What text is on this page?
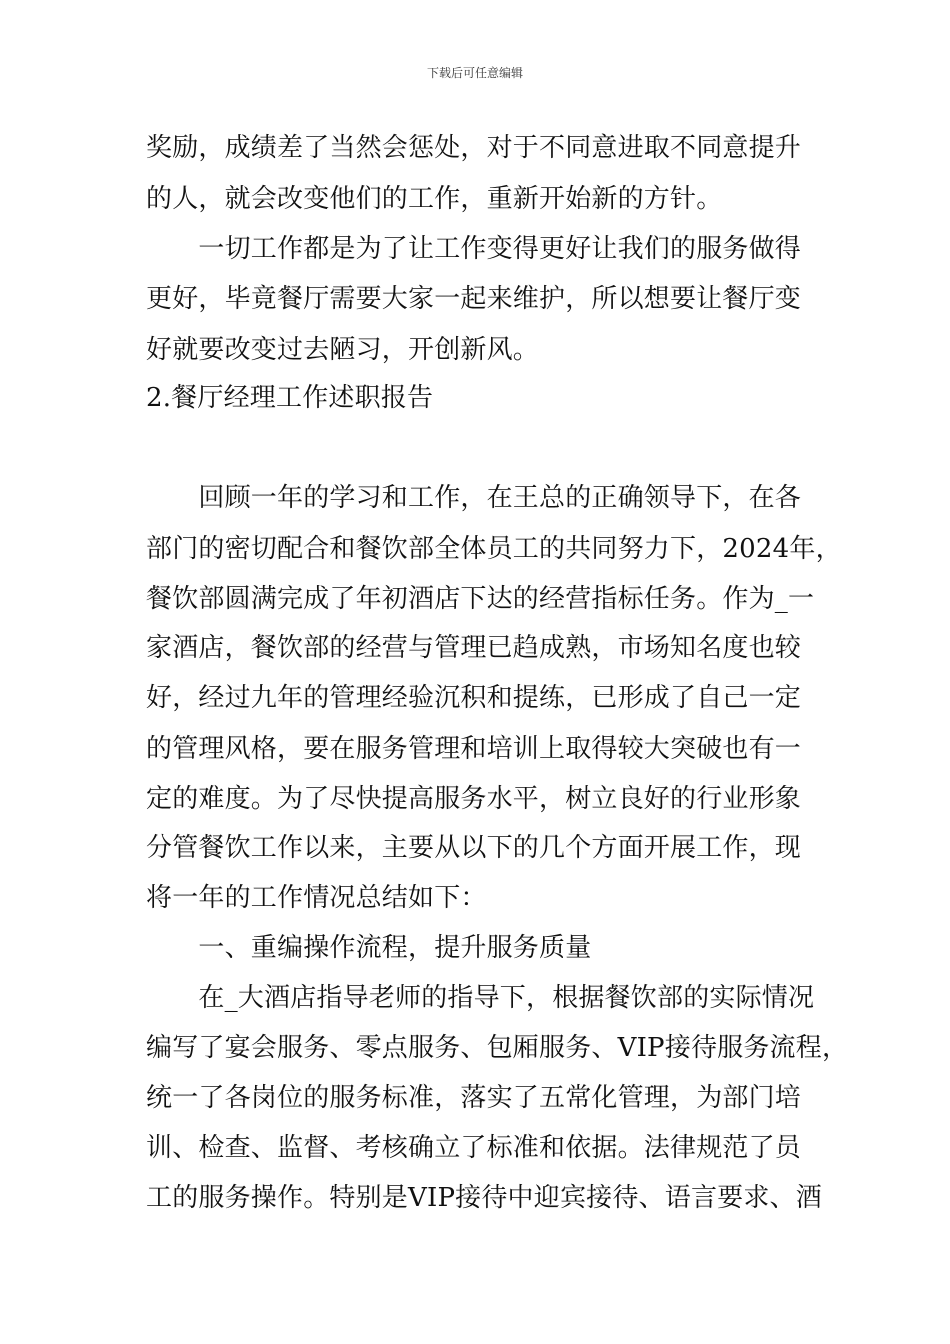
下载后可任意编辑
奖励，成绩差了当然会惩处，对于不同意进取不同意提升
的人，就会改变他们的工作，重新开始新的方针。
　　一切工作都是为了让工作变得更好让我们的服务做得
更好，毕竟餐厅需要大家一起来维护，所以想要让餐厅变
好就要改变过去陋习，开创新风。
2.餐厅经理工作述职报告
　　回顾一年的学习和工作，在王总的正确领导下，在各
部门的密切配合和餐饮部全体员工的共同努力下，2024年，
餐饮部圆满完成了年初酒店下达的经营指标任务。作为_一
家酒店，餐饮部的经营与管理已趋成熟，市场知名度也较
好，经过九年的管理经验沉积和提练，已形成了自己一定
的管理风格，要在服务管理和培训上取得较大突破也有一
定的难度。为了尽快提高服务水平，树立良好的行业形象
分管餐饮工作以来，主要从以下的几个方面开展工作，现
将一年的工作情况总结如下：
　　一、重编操作流程，提升服务质量
　　在_大酒店指导老师的指导下，根据餐饮部的实际情况
编写了宴会服务、零点服务、包厢服务、VIP接待服务流程，
统一了各岗位的服务标准，落实了五常化管理，为部门培
训、检查、监督、考核确立了标准和依据。法律规范了员
工的服务操作。特别是VIP接待中迎宾接待、语言要求、酒
